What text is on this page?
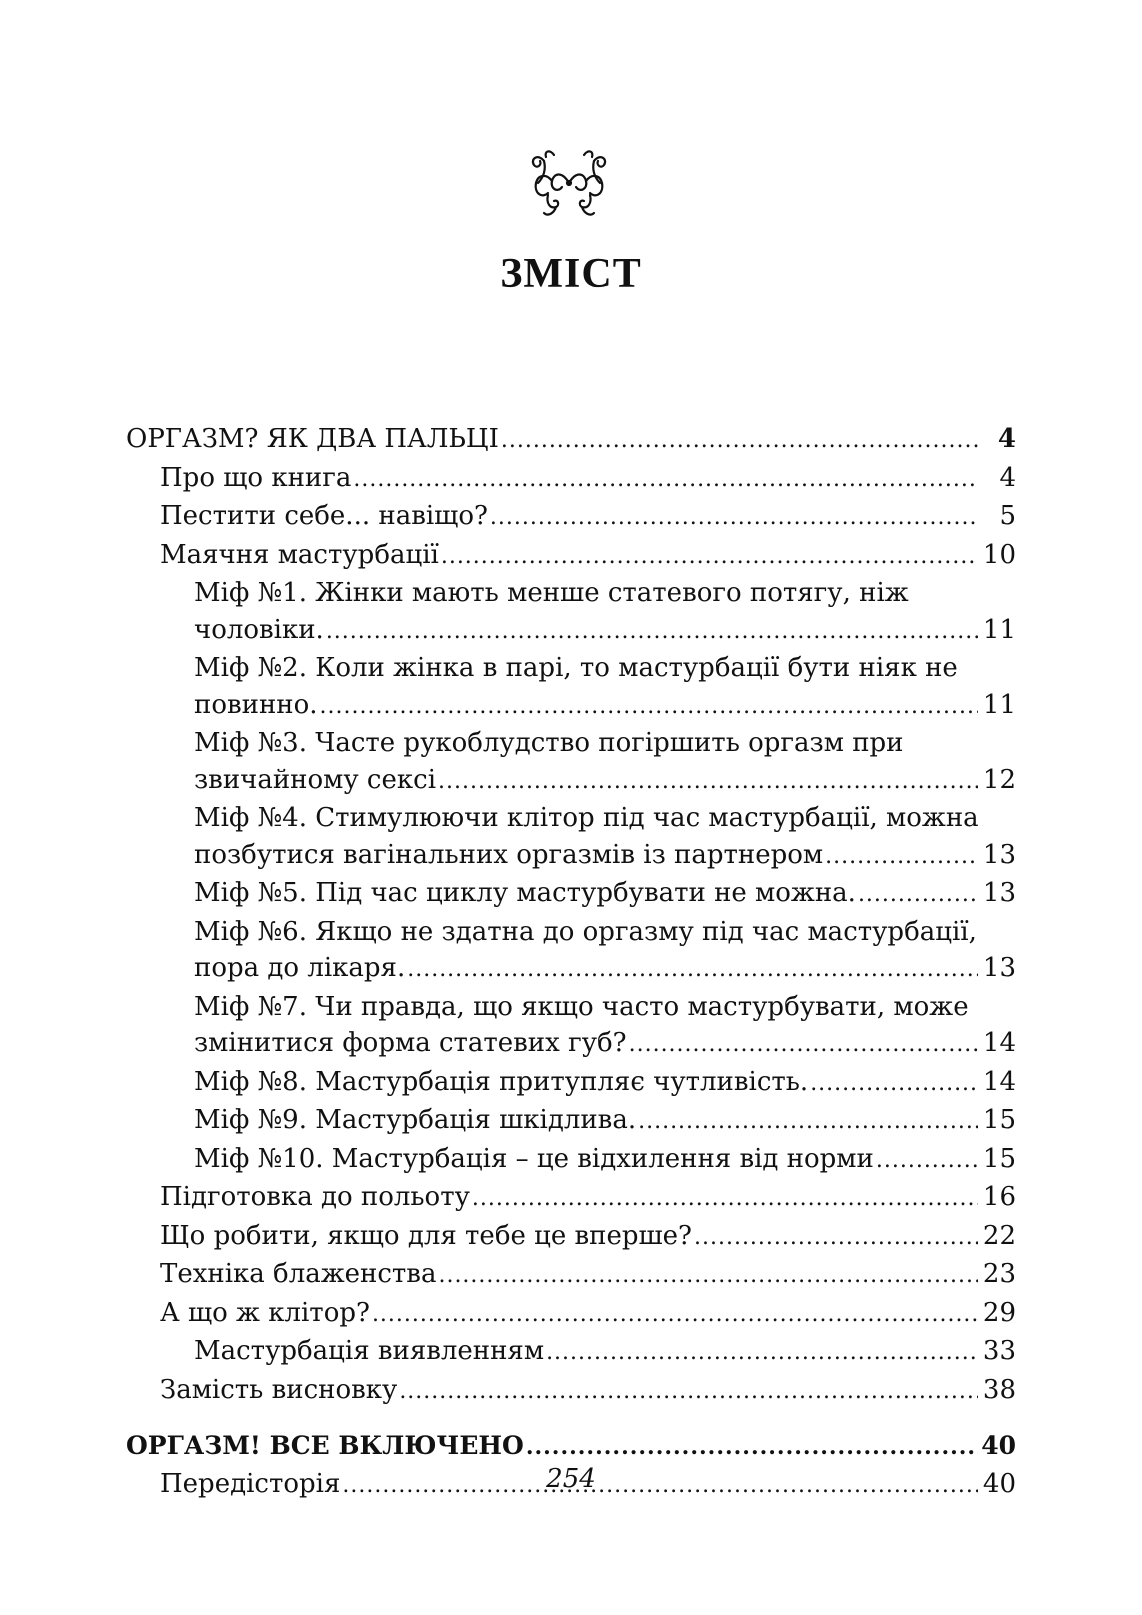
ЗМІСТ
ОРГАЗМ? ЯК ДВА ПАЛЬЦІ .....	4
Про що книга .....	4
Пестити себе... навіщо? .....	5
Маячня мастурбації .....	10
Міф №1. Жінки мають менше статевого потягу, ніж
чоловіки. .....	11
Міф №2. Коли жінка в парі, то мастурбації бути ніяк не
повинно. .....	11
Міф №3. Часте рукоблудство погіршить оргазм при
звичайному сексі .....	12
Міф №4. Стимулюючи клітор під час мастурбації, можна
позбутися вагінальних оргазмів із партнером .....	13
Міф №5. Під час циклу мастурбувати не можна. .....	13
Міф №6. Якщо не здатна до оргазму під час мастурбації,
пора до лікаря. .....	13
Міф №7. Чи правда, що якщо часто мастурбувати, може
змінитися форма статевих губ? .....	14
Міф №8. Мастурбація притупляє чутливість. .....	14
Міф №9. Мастурбація шкідлива. .....	15
Міф №10. Мастурбація – це відхилення від норми .....	15
Підготовка до польоту .....	16
Що робити, якщо для тебе це вперше? .....	22
Техніка блаженства .....	23
А що ж клітор? .....	29
Мастурбація виявленням .....	33
Замість висновку .....	38
ОРГАЗМ! ВСЕ ВКЛЮЧЕНО .....	40
Передісторія .....	40
254
